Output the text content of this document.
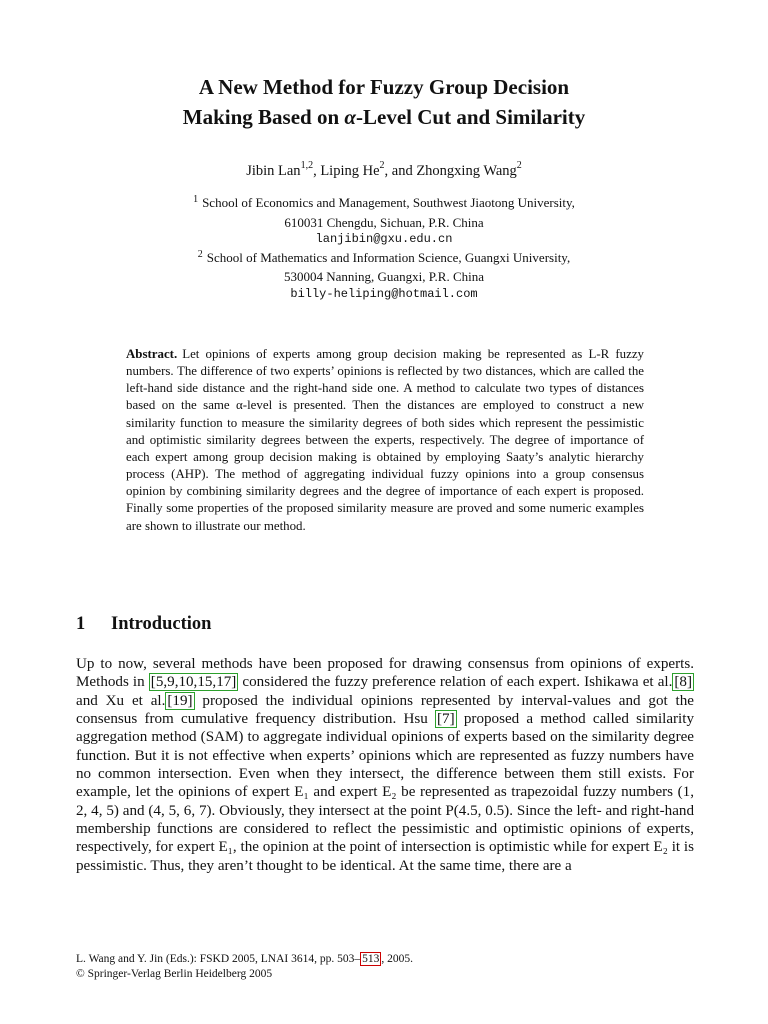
A New Method for Fuzzy Group Decision
Making Based on α-Level Cut and Similarity
Jibin Lan$^{1,2}$, Liping He$^2$, and Zhongxing Wang$^2$
$^1$ School of Economics and Management, Southwest Jiaotong University,
610031 Chengdu, Sichuan, P.R. China
lanjibin@gxu.edu.cn
$^2$ School of Mathematics and Information Science, Guangxi University,
530004 Nanning, Guangxi, P.R. China
billy-heliping@hotmail.com
Abstract. Let opinions of experts among group decision making be represented as L-R fuzzy numbers. The difference of two experts’ opinions is reflected by two distances, which are called the left-hand side distance and the right-hand side one. A method to calculate two types of distances based on the same α-level is presented. Then the distances are employed to construct a new similarity function to measure the similarity degrees of both sides which represent the pessimistic and optimistic similarity degrees between the experts, respectively. The degree of importance of each expert among group decision making is obtained by employing Saaty’s analytic hierarchy process (AHP). The method of aggregating individual fuzzy opinions into a group consensus opinion by combining similarity degrees and the degree of importance of each expert is proposed. Finally some properties of the proposed similarity measure are proved and some numeric examples are shown to illustrate our method.
1 Introduction
Up to now, several methods have been proposed for drawing consensus from opinions of experts. Methods in [5,9,10,15,17] considered the fuzzy preference relation of each expert. Ishikawa et al. [8] and Xu et al. [19] proposed the individual opinions represented by interval-values and got the consensus from cumulative frequency distribution. Hsu [7] proposed a method called similarity aggregation method (SAM) to aggregate individual opinions of experts based on the similarity degree function. But it is not effective when experts’ opinions which are represented as fuzzy numbers have no common intersection. Even when they intersect, the difference between them still exists. For example, let the opinions of expert E₁ and expert E₂ be represented as trapezoidal fuzzy numbers (1, 2, 4, 5) and (4, 5, 6, 7). Obviously, they intersect at the point P(4.5, 0.5). Since the left- and right-hand membership functions are considered to reflect the pessimistic and optimistic opinions of experts, respectively, for expert E₁, the opinion at the point of intersection is optimistic while for expert E₂ it is pessimistic. Thus, they aren’t thought to be identical. At the same time, there are a
L. Wang and Y. Jin (Eds.): FSKD 2005, LNAI 3614, pp. 503– 513 , 2005.
© Springer-Verlag Berlin Heidelberg 2005
